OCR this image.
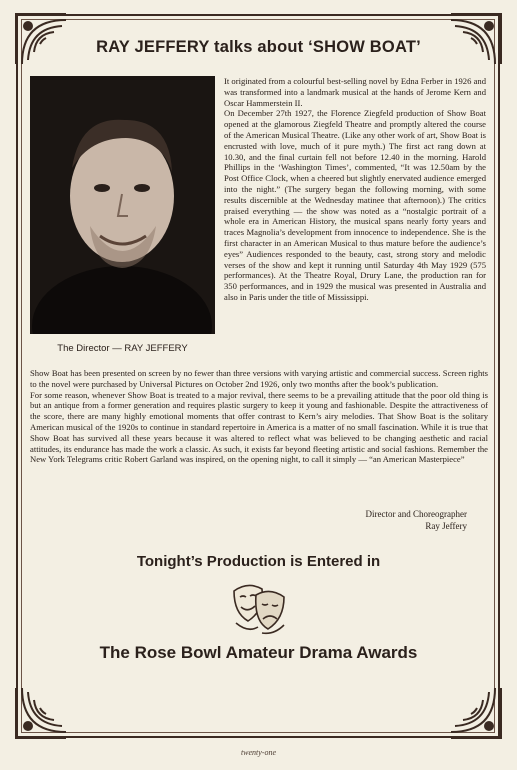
RAY JEFFERY talks about ‘SHOW BOAT’
The Director — RAY JEFFERY

It originated from a colourful best-selling novel by Edna Ferber in 1926 and was transformed into a landmark musical at the hands of Jerome Kern and Oscar Hammerstein II.

On December 27th 1927, the Florence Ziegfeld production of Show Boat opened at the glamorous Ziegfeld Theatre and promptly altered the course of the American Musical Theatre. (Like any other work of art, Show Boat is encrusted with love, much of it pure myth.) The first act rang down at 10.30, and the final curtain fell not before 12.40 in the morning. Harold Phillips in the ‘Washington Times’, commented, “It was 12.50am by the Post Office Clock, when a cheered but slightly enervated audience emerged into the night.” (The surgery began the following morning, with some results discernible at the Wednesday matinee that afternoon).) The critics praised everything — the show was noted as a “nostalgic portrait of a whole era in American History, the musical spans nearly forty years and traces Magnolia’s development from innocence to independence. She is the first character in an American Musical to thus mature before the audience’s eyes” Audiences responded to the beauty, cast, strong story and melodic verses of the show and kept it running until Saturday 4th May 1929 (575 performances). At the Theatre Royal, Drury Lane, the production ran for 350 performances, and in 1929 the musical was presented in Australia and also in Paris under the title of Mississippi.

Show Boat has been presented on screen by no fewer than three versions with varying artistic and commercial success. Screen rights to the novel were purchased by Universal Pictures on October 2nd 1926, only two months after the book’s publication.

For some reason, whenever Show Boat is treated to a major revival, there seems to be a prevailing attitude that the poor old thing is but an antique from a former generation and requires plastic surgery to keep it young and fashionable. Despite the attractiveness of the score, there are many highly emotional moments that offer contrast to Kern’s airy melodies. That Show Boat is the solitary American musical of the 1920s to continue in standard repertoire in America is a matter of no small fascination. While it is true that Show Boat has survived all these years because it was altered to reflect what was believed to be changing aesthetic and racial attitudes, its endurance has made the work a classic. As such, it exists far beyond fleeting artistic and social fashions. Remember the New York Telegrams critic Robert Garland was inspired, on the opening night, to call it simply — “an American Masterpiece”

Director and Choreographer
Ray Jeffery
Tonight’s Production is Entered in
The Rose Bowl Amateur Drama Awards
twenty-one
